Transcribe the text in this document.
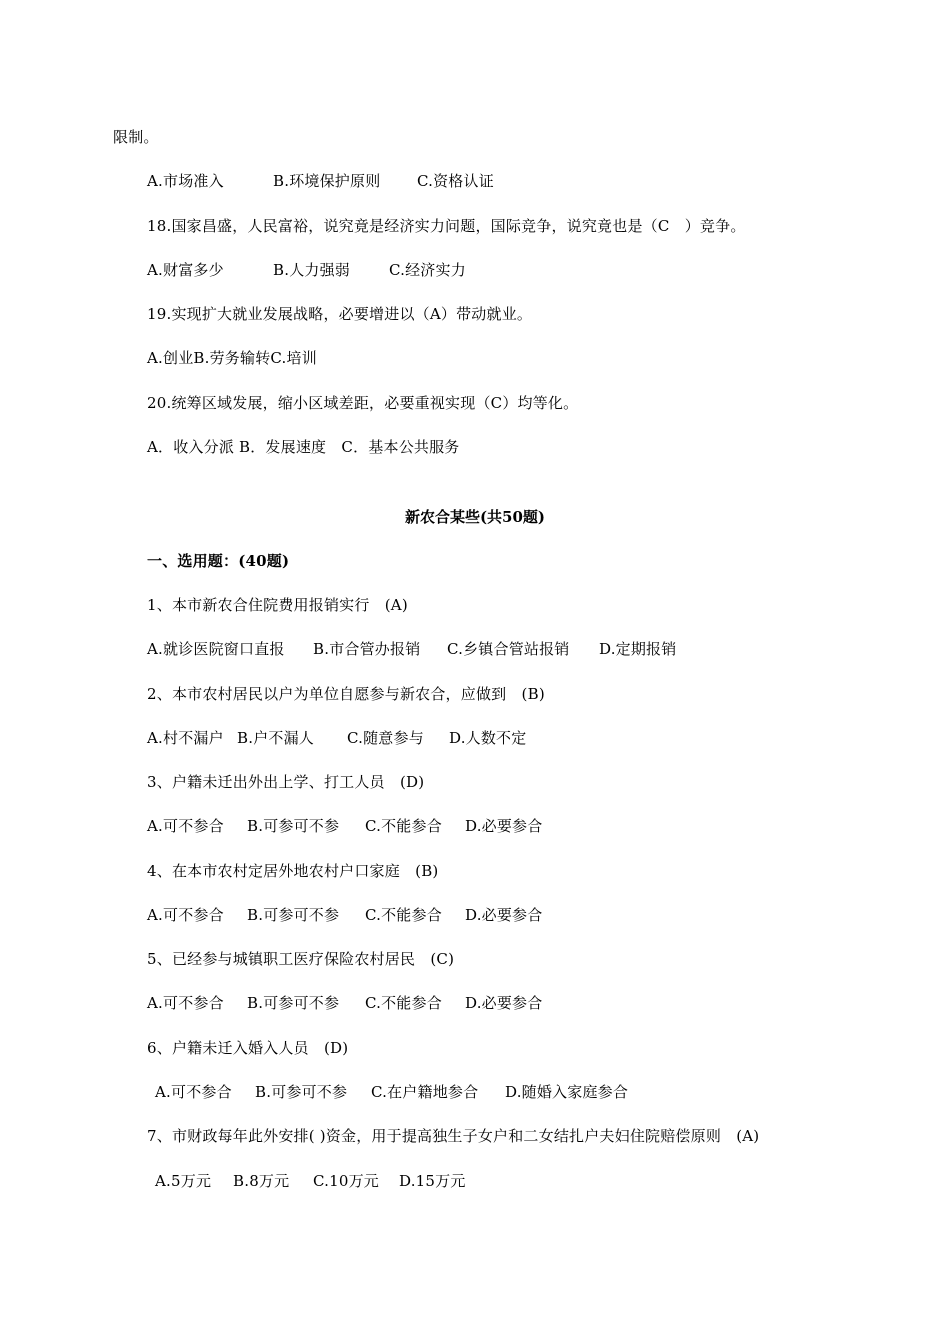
限制。
A.市场准入	B.环境保护原则 C.资格认证
18.国家昌盛，人民富裕，说究竟是经济实力问题，国际竞争，说究竟也是（C　）竞争。
A.财富多少	B.人力强弱	C.经济实力
19.实现扩大就业发展战略，必要增进以（A）带动就业。
A.创业B.劳务输转C.培训
20.统筹区域发展，缩小区域差距，必要重视实现（C）均等化。
A．收入分派 B．发展速度　C．基本公共服务
新农合某些(共50题)
一、选用题：(40题)
1、本市新农合住院费用报销实行　(A)
A.就诊医院窗口直报 B.市合管办报销 C.乡镇合管站报销 D.定期报销
2、本市农村居民以户为单位自愿参与新农合，应做到　(B)
A.村不漏户 B.户不漏人 C.随意参与 D.人数不定
3、户籍未迁出外出上学、打工人员　(D)
A.可不参合 B.可参可不参 C.不能参合 D.必要参合
4、在本市农村定居外地农村户口家庭　(B)
A.可不参合 B.可参可不参 C.不能参合 D.必要参合
5、已经参与城镇职工医疗保险农村居民　(C)
A.可不参合 B.可参可不参 C.不能参合 D.必要参合
6、户籍未迁入婚入人员　(D)
A.可不参合 B.可参可不参 C.在户籍地参合 D.随婚入家庭参合
7、市财政每年此外安排( )资金，用于提高独生子女户和二女结扎户夫妇住院赔偿原则　(A)
A.5万元 B.8万元 C.10万元 D.15万元
